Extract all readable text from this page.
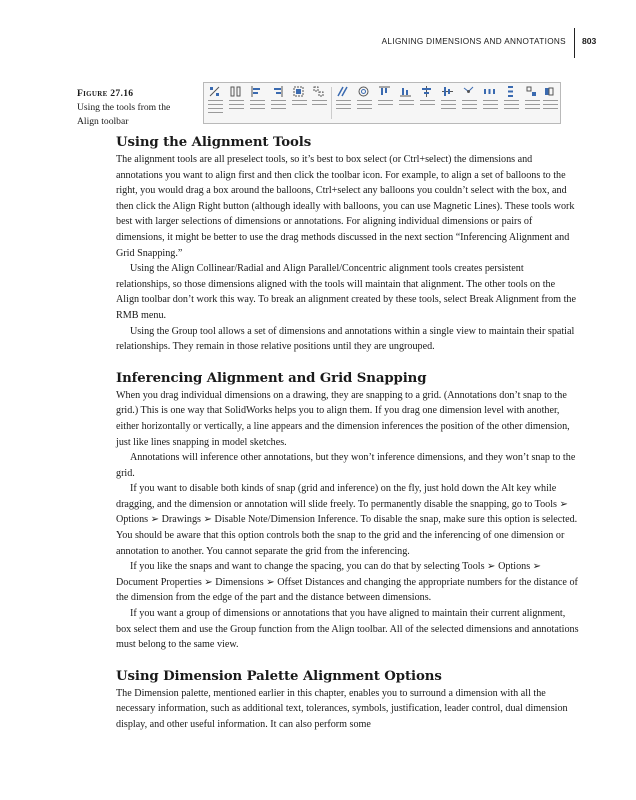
ALIGNING DIMENSIONS AND ANNOTATIONS 803
Figure 27.16
Using the tools from the Align toolbar
Using the Alignment Tools

The alignment tools are all preselect tools, so it’s best to box select (or Ctrl+select) the dimensions and annotations you want to align first and then click the toolbar icon. For example, to align a set of balloons to the right, you would drag a box around the balloons, Ctrl+select any balloons you couldn’t select with the box, and then click the Align Right button (although ideally with balloons, you can use Magnetic Lines). These tools work best with larger selections of dimensions or annotations. For aligning individual dimensions or pairs of dimensions, it might be better to use the drag methods discussed in the next section “Inferencing Alignment and Grid Snapping.”

Using the Align Collinear/Radial and Align Parallel/Concentric alignment tools creates persistent relationships, so those dimensions aligned with the tools will maintain that alignment. The other tools on the Align toolbar don’t work this way. To break an alignment created by these tools, select Break Alignment from the RMB menu.

Using the Group tool allows a set of dimensions and annotations within a single view to maintain their spatial relationships. They remain in those relative positions until they are ungrouped.

Inferencing Alignment and Grid Snapping

When you drag individual dimensions on a drawing, they are snapping to a grid. (Annotations don’t snap to the grid.) This is one way that SolidWorks helps you to align them. If you drag one dimension level with another, either horizontally or vertically, a line appears and the dimension inferences the position of the other dimension, just like lines snapping in model sketches.

Annotations will inference other annotations, but they won’t inference dimensions, and they won’t snap to the grid.

If you want to disable both kinds of snap (grid and inference) on the fly, just hold down the Alt key while dragging, and the dimension or annotation will slide freely. To permanently disable the snapping, go to Tools ➢ Options ➢ Drawings ➢ Disable Note/Dimension Inference. To disable the snap, make sure this option is selected. You should be aware that this option controls both the snap to the grid and the inferencing of one dimension or annotation to another. You cannot separate the grid from the inferencing.

If you like the snaps and want to change the spacing, you can do that by selecting Tools ➢ Options ➢ Document Properties ➢ Dimensions ➢ Offset Distances and changing the appropriate numbers for the distance of the dimension from the edge of the part and the distance between dimensions.

If you want a group of dimensions or annotations that you have aligned to maintain their current alignment, box select them and use the Group function from the Align toolbar. All of the selected dimensions and annotations must belong to the same view.

Using Dimension Palette Alignment Options

The Dimension palette, mentioned earlier in this chapter, enables you to surround a dimension with all the necessary information, such as additional text, tolerances, symbols, justification, leader control, dual dimension display, and other useful information. It can also perform some
